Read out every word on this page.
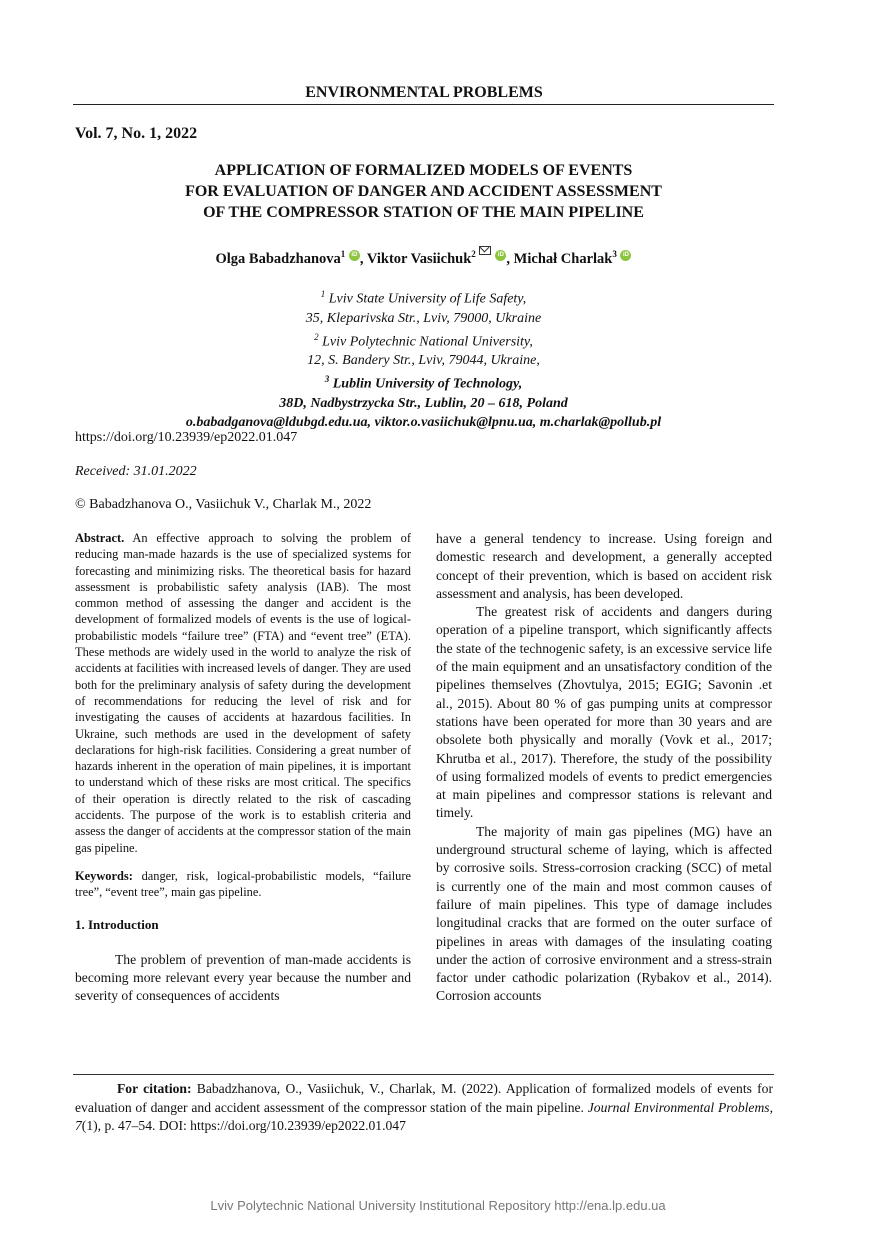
ENVIRONMENTAL PROBLEMS
Vol. 7, No. 1, 2022
APPLICATION OF FORMALIZED MODELS OF EVENTS
FOR EVALUATION OF DANGER AND ACCIDENT ASSESSMENT
OF THE COMPRESSOR STATION OF THE MAIN PIPELINE
Olga Babadzhanova$^1$ iD , Viktor Vasiichuk$^2$	iD , Michał Charlak$^3$ iD
$^1$ Lviv State University of Life Safety,
35, Kleparivska Str., Lviv, 79000, Ukraine
$^2$ Lviv Polytechnic National University,
12, S. Bandery Str., Lviv, 79044, Ukraine,
$^3$ Lublin University of Technology,
38D, Nadbystrzycka Str., Lublin, 20 – 618, Poland
o.babadganova@ldubgd.edu.ua, viktor.o.vasiichuk@lpnu.ua, m.charlak@pollub.pl
https://doi.org/10.23939/ep2022.01.047
Received: 31.01.2022
© Babadzhanova O., Vasiichuk V., Charlak M., 2022

Abstract. An effective approach to solving the problem of reducing man-made hazards is the use of specialized systems for forecasting and minimizing risks. The theoretical basis for hazard assessment is probabilistic safety analysis (IAB). The most common method of assessing the danger and accident is the development of formalized models of events is the use of logical-probabilistic models “failure tree” (FTA) and “event tree” (ETA). These methods are widely used in the world to analyze the risk of accidents at facilities with increased levels of danger. They are used both for the preliminary analysis of safety during the development of recommendations for reducing the level of risk and for investigating the causes of accidents at hazardous facilities. In Ukraine, such methods are used in the development of safety declarations for high-risk facilities. Considering a great number of hazards inherent in the operation of main pipelines, it is important to understand which of these risks are most critical. The specifics of their operation is directly related to the risk of cascading accidents. The purpose of the work is to establish criteria and assess the danger of accidents at the compressor station of the main gas pipeline.

Keywords: danger, risk, logical-probabilistic models, “failure tree”, “event tree”, main gas pipeline.

1. Introduction

The problem of prevention of man-made accidents is becoming more relevant every year because the number and severity of consequences of accidents

have a general tendency to increase. Using foreign and domestic research and development, a generally accepted concept of their prevention, which is based on accident risk assessment and analysis, has been developed.

The greatest risk of accidents and dangers during operation of a pipeline transport, which significantly affects the state of the technogenic safety, is an excessive service life of the main equipment and an unsatisfactory condition of the pipelines themselves (Zhovtulya, 2015; EGIG; Savonin .et al., 2015). About 80 % of gas pumping units at compressor stations have been operated for more than 30 years and are obsolete both physically and morally (Vovk et al., 2017; Khrutba et al., 2017). Therefore, the study of the possibility of using formalized models of events to predict emergencies at main pipelines and compressor stations is relevant and timely.

The majority of main gas pipelines (MG) have an underground structural scheme of laying, which is affected by corrosive soils. Stress-corrosion cracking (SCC) of metal is currently one of the main and most common causes of failure of main pipelines. This type of damage includes longitudinal cracks that are formed on the outer surface of pipelines in areas with damages of the insulating coating under the action of corrosive environment and a stress-strain factor under cathodic polarization (Rybakov et al., 2014). Corrosion accounts

For citation: Babadzhanova, O., Vasiichuk, V., Charlak, M. (2022). Application of formalized models of events for evaluation of danger and accident assessment of the compressor station of the main pipeline. Journal Environmental Problems, 7(1), p. 47–54. DOI: https://doi.org/10.23939/ep2022.01.047
Lviv Polytechnic National University Institutional Repository http://ena.lp.edu.ua
